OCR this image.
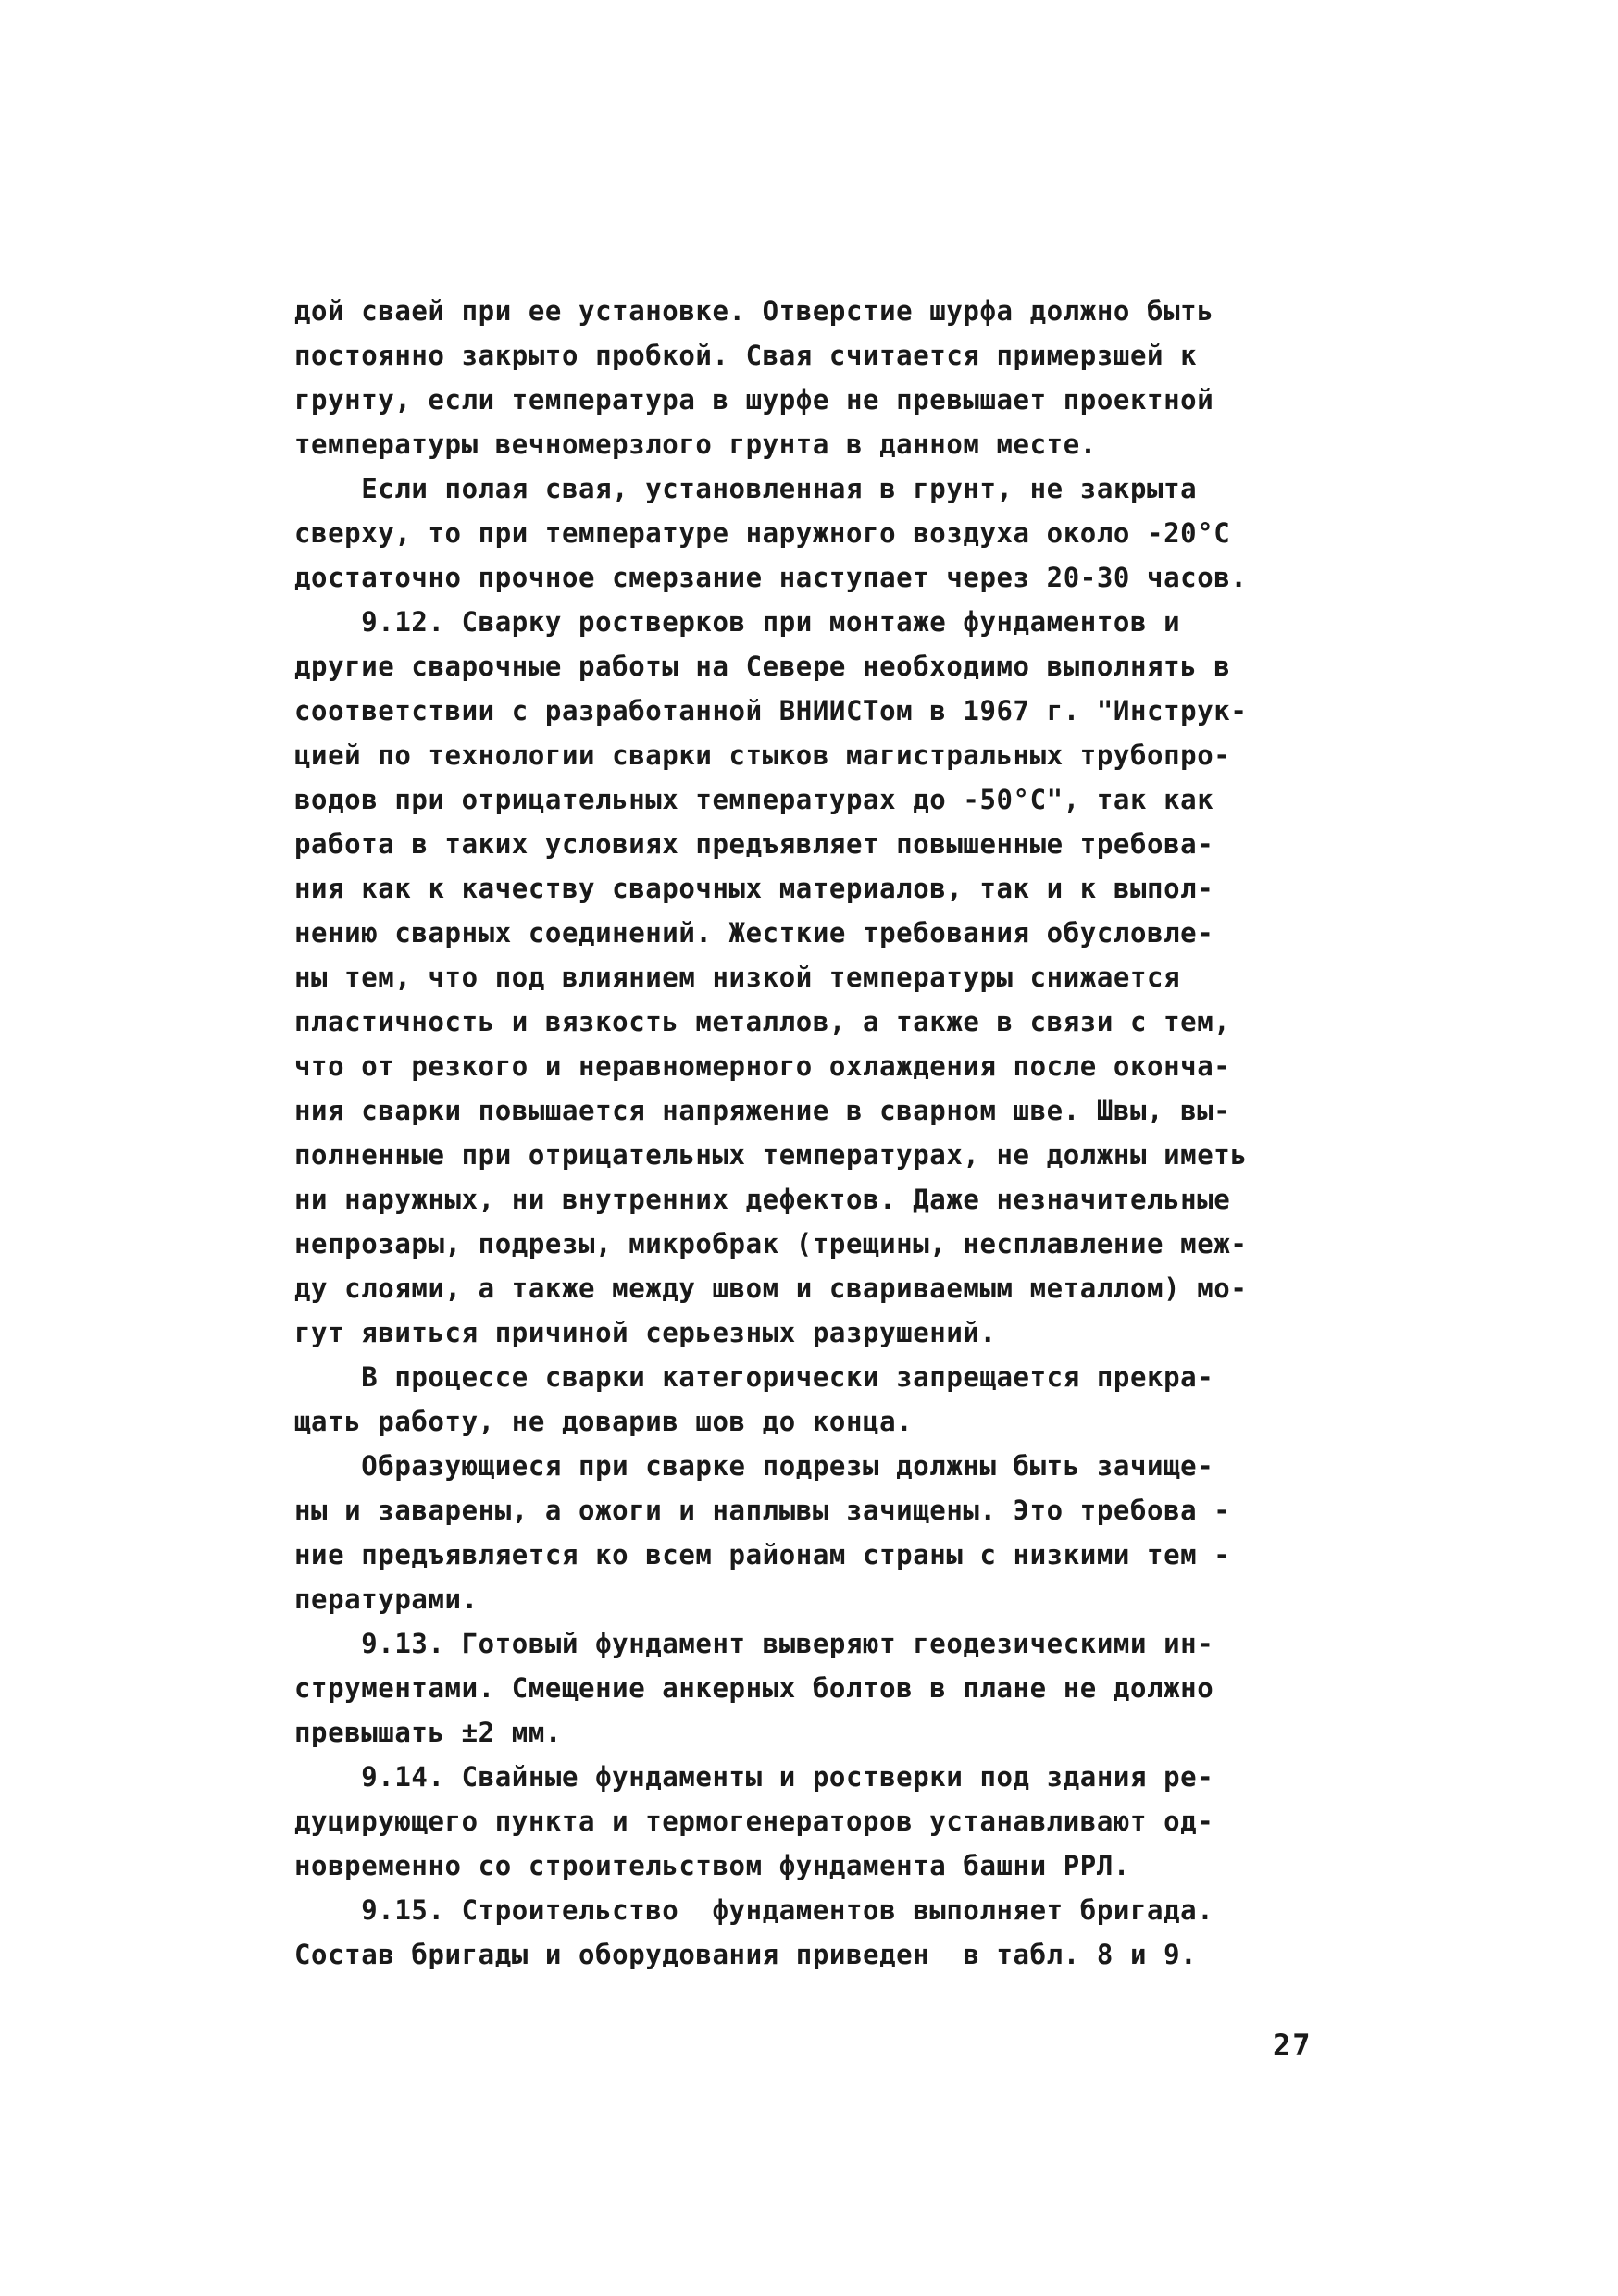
дой сваей при ее установке. Отверстие шурфа должно быть
постоянно закрыто пробкой. Свая считается примерзшей к
грунту, если температура в шурфе не превышает проектной
температуры вечномерзлого грунта в данном месте.
Если полая свая, установленная в грунт, не закрыта
сверху, то при температуре наружного воздуха около -20°С
достаточно прочное смерзание наступает через 20-30 часов.
9.12. Сварку ростверков при монтаже фундаментов и
другие сварочные работы на Севере необходимо выполнять в
соответствии с разработанной ВНИИСТом в 1967 г. "Инструк-
цией по технологии сварки стыков магистральных трубопро-
водов при отрицательных температурах до -50°С", так как
работа в таких условиях предъявляет повышенные требова-
ния как к качеству сварочных материалов, так и к выпол-
нению сварных соединений. Жесткие требования обусловле-
ны тем, что под влиянием низкой температуры снижается
пластичность и вязкость металлов, а также в связи с тем,
что от резкого и неравномерного охлаждения после оконча-
ния сварки повышается напряжение в сварном шве. Швы, вы-
полненные при отрицательных температурах, не должны иметь
ни наружных, ни внутренних дефектов. Даже незначительные
непрозары, подрезы, микробрак (трещины, несплавление меж-
ду слоями, а также между швом и свариваемым металлом) мо-
гут явиться причиной серьезных разрушений.
В процессе сварки категорически запрещается прекра-
щать работу, не доварив шов до конца.
Образующиеся при сварке подрезы должны быть зачище-
ны и заварены, а ожоги и наплывы зачищены. Это требова -
ние предъявляется ко всем районам страны с низкими тем -
пературами.
9.13. Готовый фундамент выверяют геодезическими ин-
струментами. Смещение анкерных болтов в плане не должно
превышать ±2 мм.
9.14. Свайные фундаменты и ростверки под здания ре-
дуцирующего пункта и термогенераторов устанавливают од-
новременно со строительством фундамента башни РРЛ.
9.15. Строительство  фундаментов выполняет бригада.
Состав бригады и оборудования приведен  в табл. 8 и 9.
27
